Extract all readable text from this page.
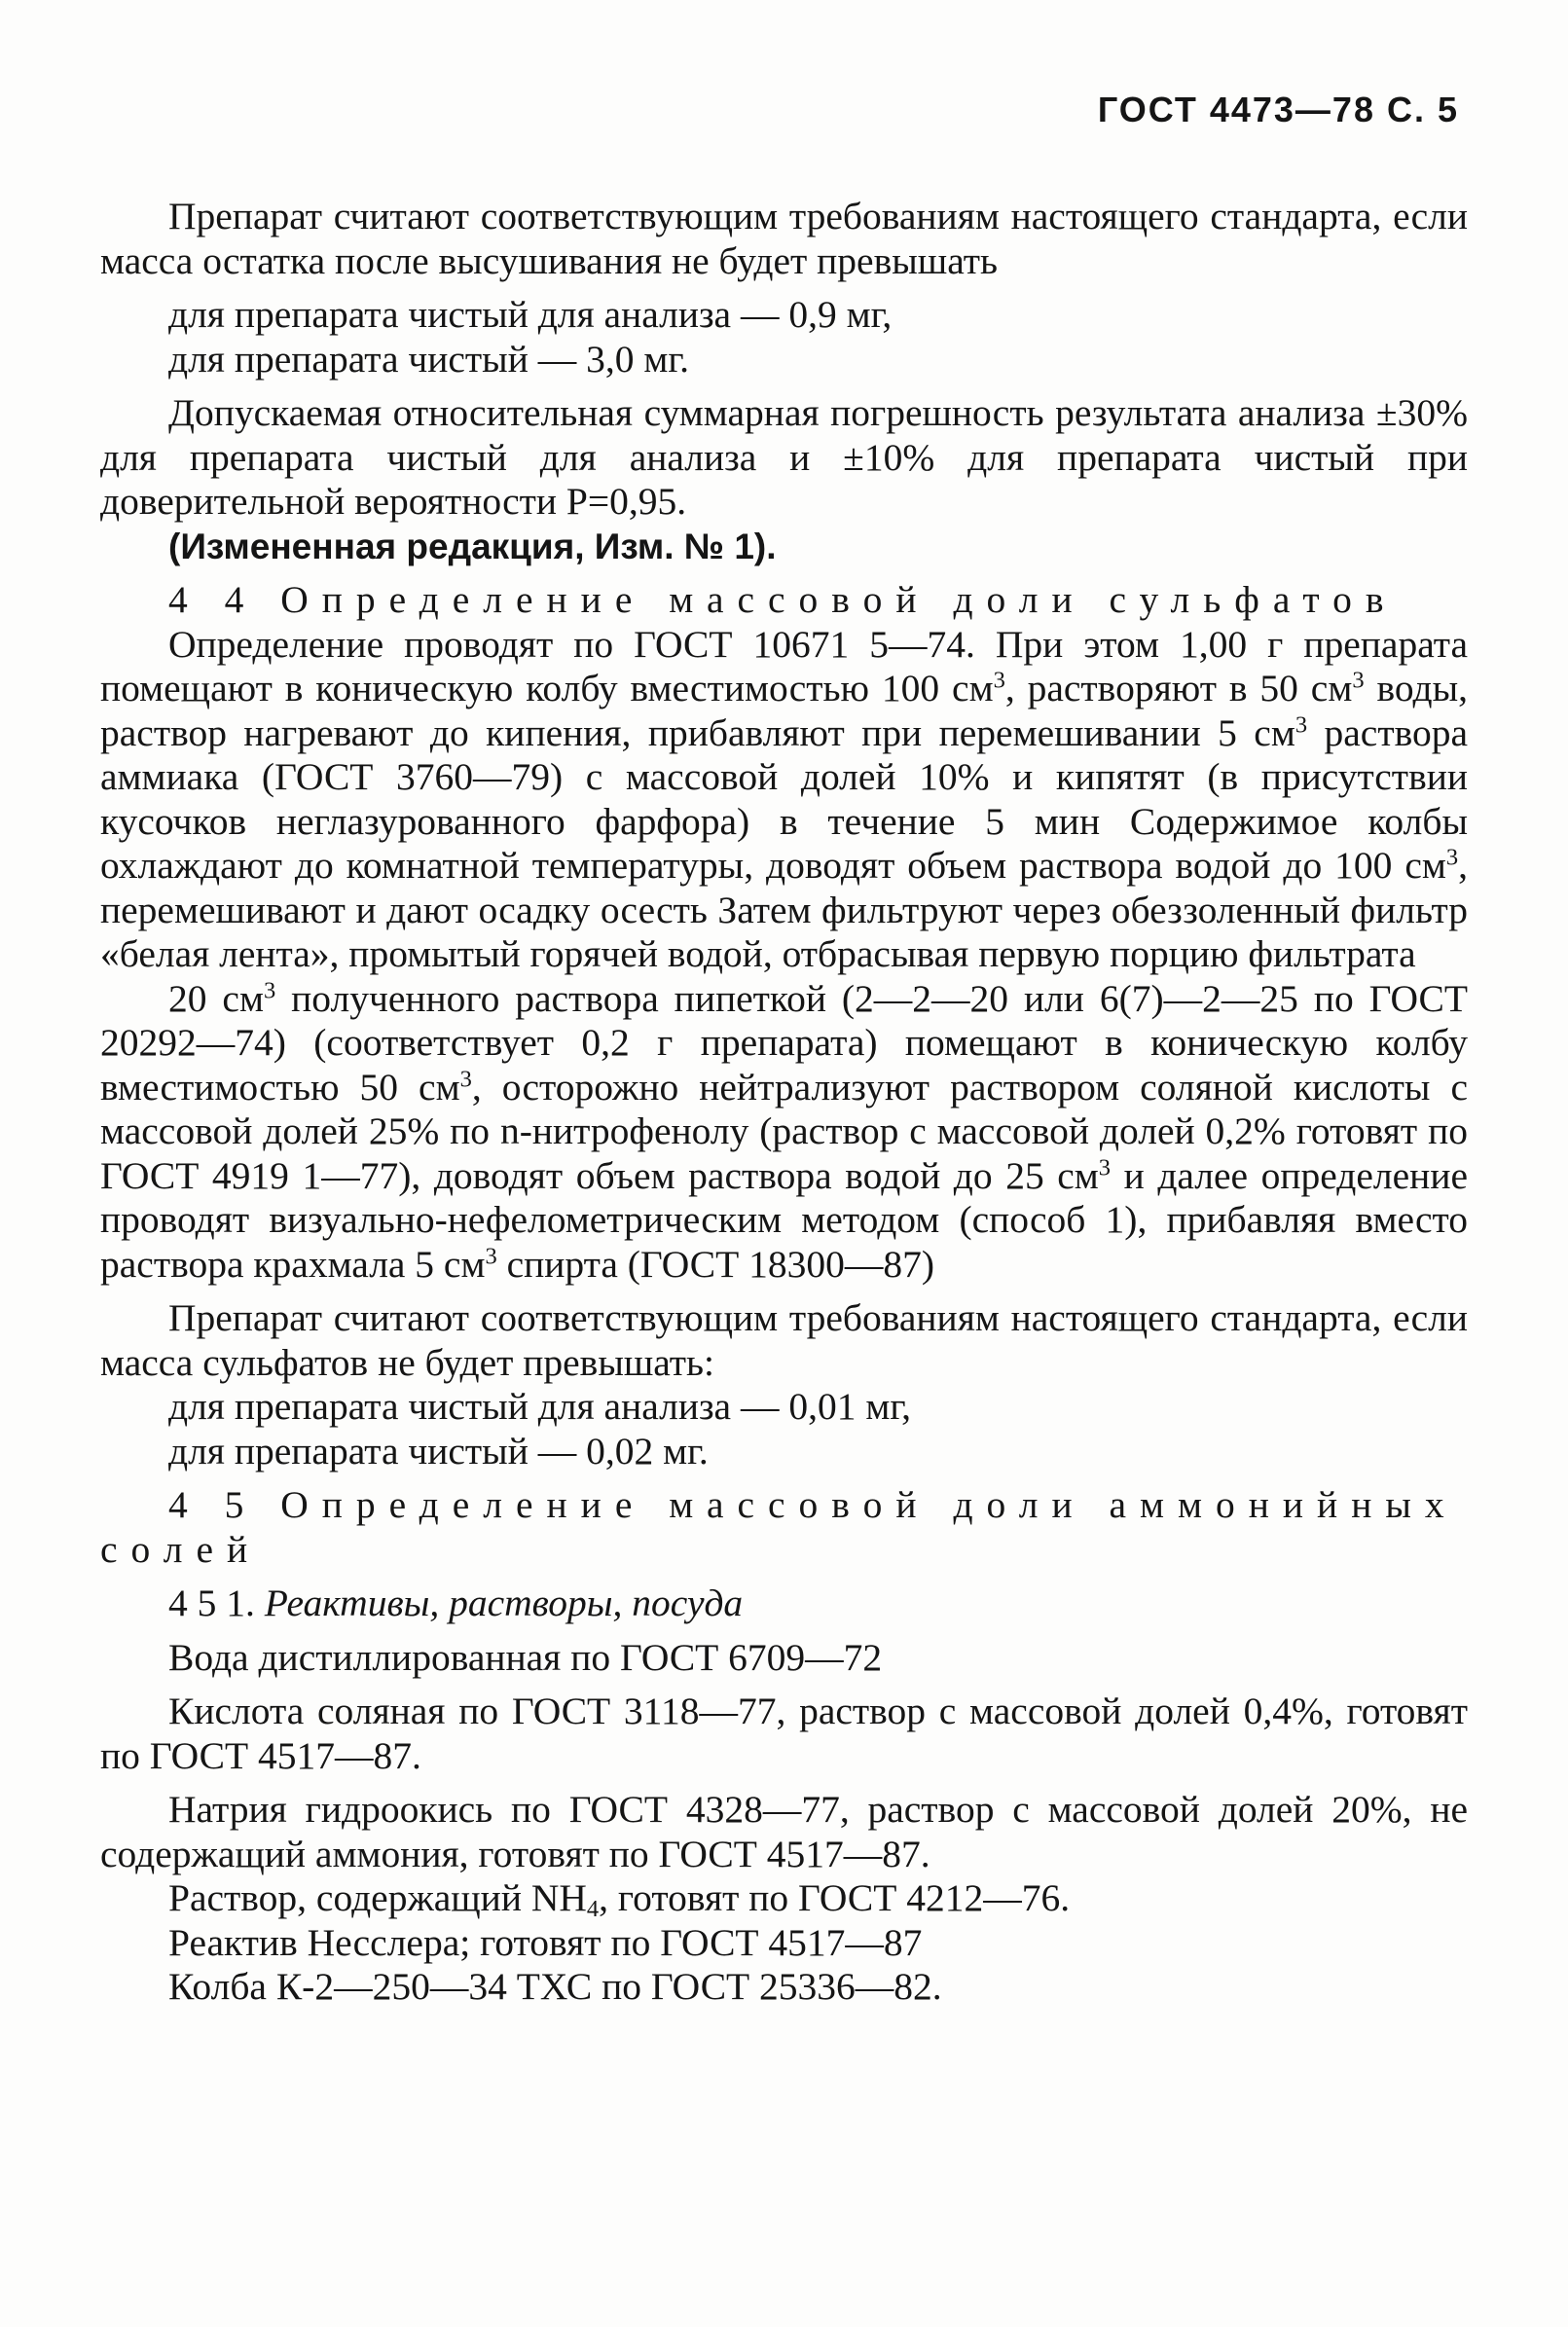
ГОСТ 4473—78 С. 5

Препарат считают соответствующим требованиям настоящего стандарта, если масса остатка после высушивания не будет превышать

для препарата чистый для анализа — 0,9 мг,

для препарата чистый — 3,0 мг.

Допускаемая относительная суммарная погрешность результата анализа ±30% для препарата чистый для анализа и ±10% для препарата чистый при доверительной вероятности P=0,95.

(Измененная редакция, Изм. № 1).

4 4 Определение массовой доли сульфатов

Определение проводят по ГОСТ 10671 5—74. При этом 1,00 г препарата помещают в коническую колбу вместимостью 100 $см^3$, растворяют в 50 $см^3$ воды, раствор нагревают до кипения, прибавляют при перемешивании 5 $см^3$ раствора аммиака (ГОСТ 3760—79) с массовой долей 10% и кипятят (в присутствии кусочков неглазурованного фарфора) в течение 5 мин Содержимое колбы охлаждают до комнатной температуры, доводят объем раствора водой до 100 $см^3$, перемешивают и дают осадку осесть Затем фильтруют через обеззоленный фильтр «белая лента», промытый горячей водой, отбрасывая первую порцию фильтрата

20 $см^3$ полученного раствора пипеткой (2—2—20 или 6(7)—2—25 по ГОСТ 20292—74) (соответствует 0,2 г препарата) помещают в коническую колбу вместимостью 50 $см^3$, осторожно нейтрализуют раствором соляной кислоты с массовой долей 25% по n-нитрофенолу (раствор с массовой долей 0,2% готовят по ГОСТ 4919 1—77), доводят объем раствора водой до 25 $см^3$ и далее определение проводят визуально-нефелометрическим методом (способ 1), прибавляя вместо раствора крахмала 5 $см^3$ спирта (ГОСТ 18300—87)

Препарат считают соответствующим требованиям настоящего стандарта, если масса сульфатов не будет превышать:

для препарата чистый для анализа — 0,01 мг,

для препарата чистый — 0,02 мг.

4 5 Определение массовой доли аммонийных солей

4 5 1. Реактивы, растворы, посуда

Вода дистиллированная по ГОСТ 6709—72

Кислота соляная по ГОСТ 3118—77, раствор с массовой долей 0,4%, готовят по ГОСТ 4517—87.

Натрия гидроокись по ГОСТ 4328—77, раствор с массовой долей 20%, не содержащий аммония, готовят по ГОСТ 4517—87.

Раствор, содержащий $NH_4$, готовят по ГОСТ 4212—76.

Реактив Несслера; готовят по ГОСТ 4517—87

Колба К-2—250—34 ТХС по ГОСТ 25336—82.
